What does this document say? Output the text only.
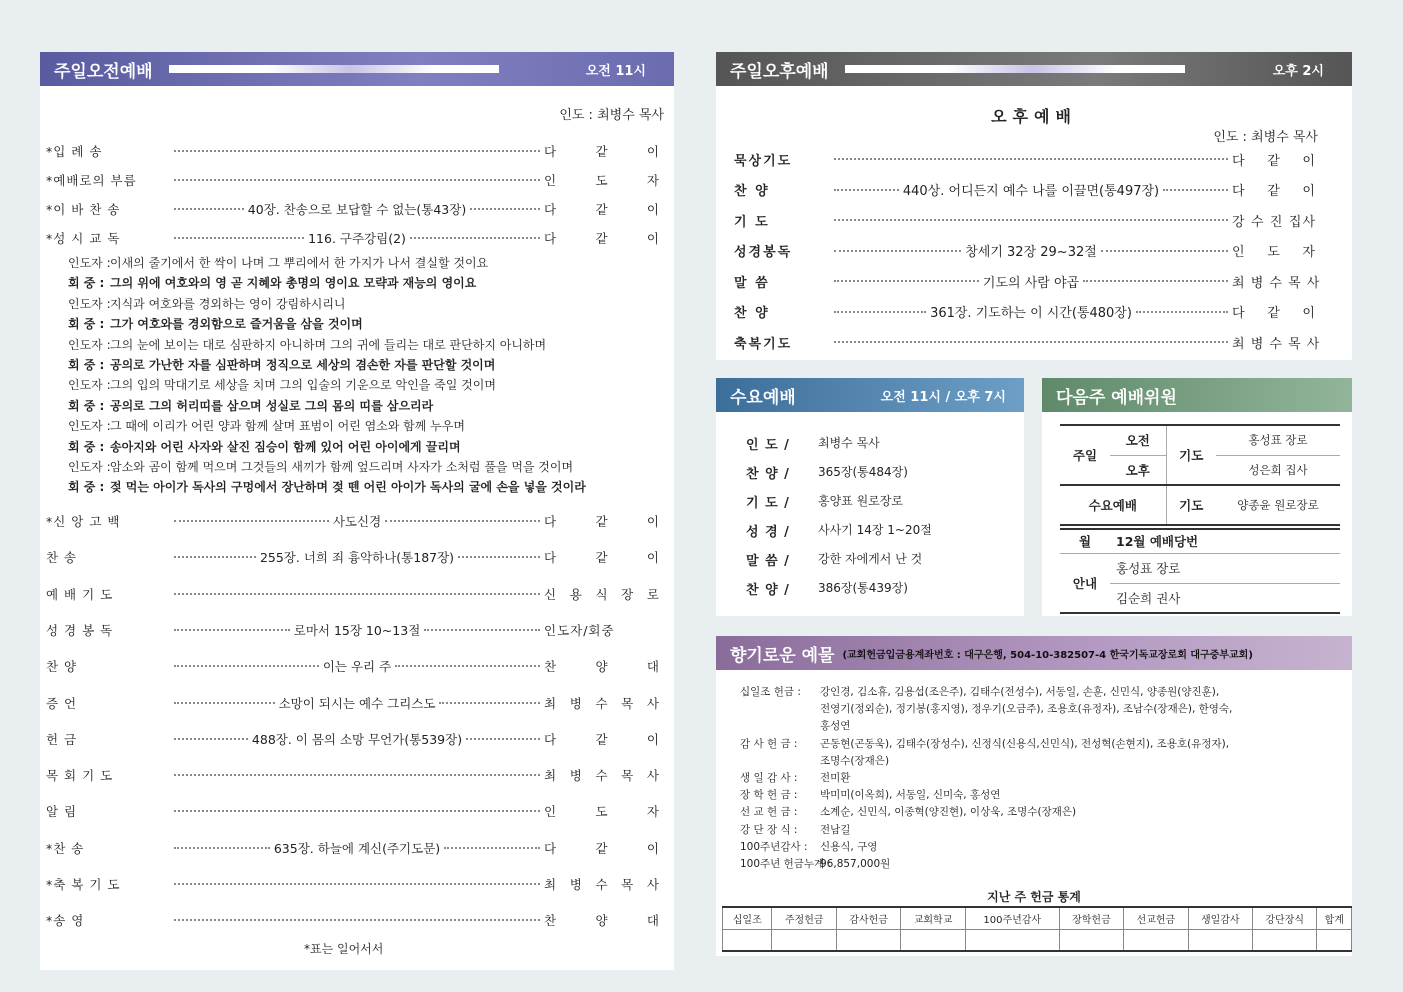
주일오전예배	오전 11시
인도 : 최병수 목사
*입 례 송	다 같 이
*예배로의 부름	인 도 자
*이 바 찬 송	40장. 찬송으로 보답할 수 없는(통43장)	다 같 이
*성 시 교 독	116. 구주강림(2)	다 같 이
인도자 :이새의 줄기에서 한 싹이 나며 그 뿌리에서 한 가지가 나서 결실할 것이요
회 중 : 그의 위에 여호와의 영 곧 지혜와 총명의 영이요 모략과 재능의 영이요
인도자 :지식과 여호와를 경외하는 영이 강림하시리니
회 중 : 그가 여호와를 경외함으로 즐거움을 삼을 것이며
인도자 :그의 눈에 보이는 대로 심판하지 아니하며 그의 귀에 들리는 대로 판단하지 아니하며
회 중 : 공의로 가난한 자를 심판하며 정직으로 세상의 겸손한 자를 판단할 것이며
인도자 :그의 입의 막대기로 세상을 치며 그의 입술의 기운으로 악인을 죽일 것이며
회 중 : 공의로 그의 허리띠를 삼으며 성실로 그의 몸의 띠를 삼으리라
인도자 :그 때에 이리가 어린 양과 함께 살며 표범이 어린 염소와 함께 누우며
회 중 : 송아지와 어린 사자와 살진 짐승이 함께 있어 어린 아이에게 끌리며
인도자 :암소와 곰이 함께 먹으며 그것들의 새끼가 함께 엎드리며 사자가 소처럼 풀을 먹을 것이며
회 중 : 젖 먹는 아이가 독사의 구멍에서 장난하며 젖 뗀 어린 아이가 독사의 굴에 손을 넣을 것이라
*신 앙 고 백	사도신경	다 같 이
찬 송	255장. 너희 죄 흉악하나(통187장)	다 같 이
예 배 기 도	신 용 식 장 로
성 경 봉 독	로마서 15장 10~13절	인도자/회중
찬 양	이는 우리 주	찬 양 대
증 언	소망이 되시는 예수 그리스도	최 병 수 목 사
헌 금	488장. 이 몸의 소망 무언가(통539장)	다 같 이
목 회 기 도	최 병 수 목 사
알 림	인 도 자
*찬 송	635장. 하늘에 계신(주기도문)	다 같 이
*축 복 기 도	최 병 수 목 사
*송 영	찬 양 대
*표는 일어서서
주일오후예배	오후 2시
오후예배
인도 : 최병수 목사
묵상기도	다 같 이
찬 양	440상. 어디든지 예수 나를 이끌면(통497장)	다 같 이
기 도	강 수 진 집사
성경봉독	창세기 32장 29~32절	인 도 자
말 씀	기도의 사람 야곱	최 병 수 목 사
찬 양	361장. 기도하는 이 시간(통480장)	다 같 이
축복기도	최 병 수 목 사
수요예배	오전 11시 / 오후 7시
인 도 /	최병수 목사
찬 양 /	365장(통484장)
기 도 /	홍양표 원로장로
성 경 /	사사기 14장 1~20절
말 씀 /	강한 자에게서 난 것
찬 양 /	386장(통439장)
다음주 예배위원
주일	오전	기도	홍성표 장로
	오후		성은희 집사
수요예배		기도	양종윤 원로장로
월	12월 예배당번
안내	홍성표 장로
	김순희 권사
향기로운 예물 (교회헌금입금용계좌번호 : 대구은행, 504-10-382507-4 한국기독교장로회 대구중부교회)
십일조 헌금 :	강인경, 김소휴, 김용섭(조은주), 김태수(전성수), 서동일, 손훈, 신민식, 양종원(양진훈),
전영기(정외순), 정기봉(홍지영), 정우기(오금주), 조용호(유정자), 조남수(장재은), 한영숙,
홍성연
감 사 헌 금 :	곤동현(곤동욱), 김태수(장성수), 신정식(신용식,신민식), 전성혁(손현지), 조용호(유정자),
조명수(장재은)
생 일 감 사 :	전미환
장 학 헌 금 :	박미미(이옥희), 서동일, 신미숙, 홍성연
선 교 헌 금 :	소계순, 신민식, 이종혁(양진현), 이상욱, 조명수(장재은)
강 단 장 식 :	전남길
100주년감사 :	신용식, 구영
100주년 헌금누계 :
96,857,000원
지난 주 헌금 통계
십일조	주정헌금	감사헌금	교회학교	100주년감사	장학헌금	선교헌금	생일감사	강단장식	합계
